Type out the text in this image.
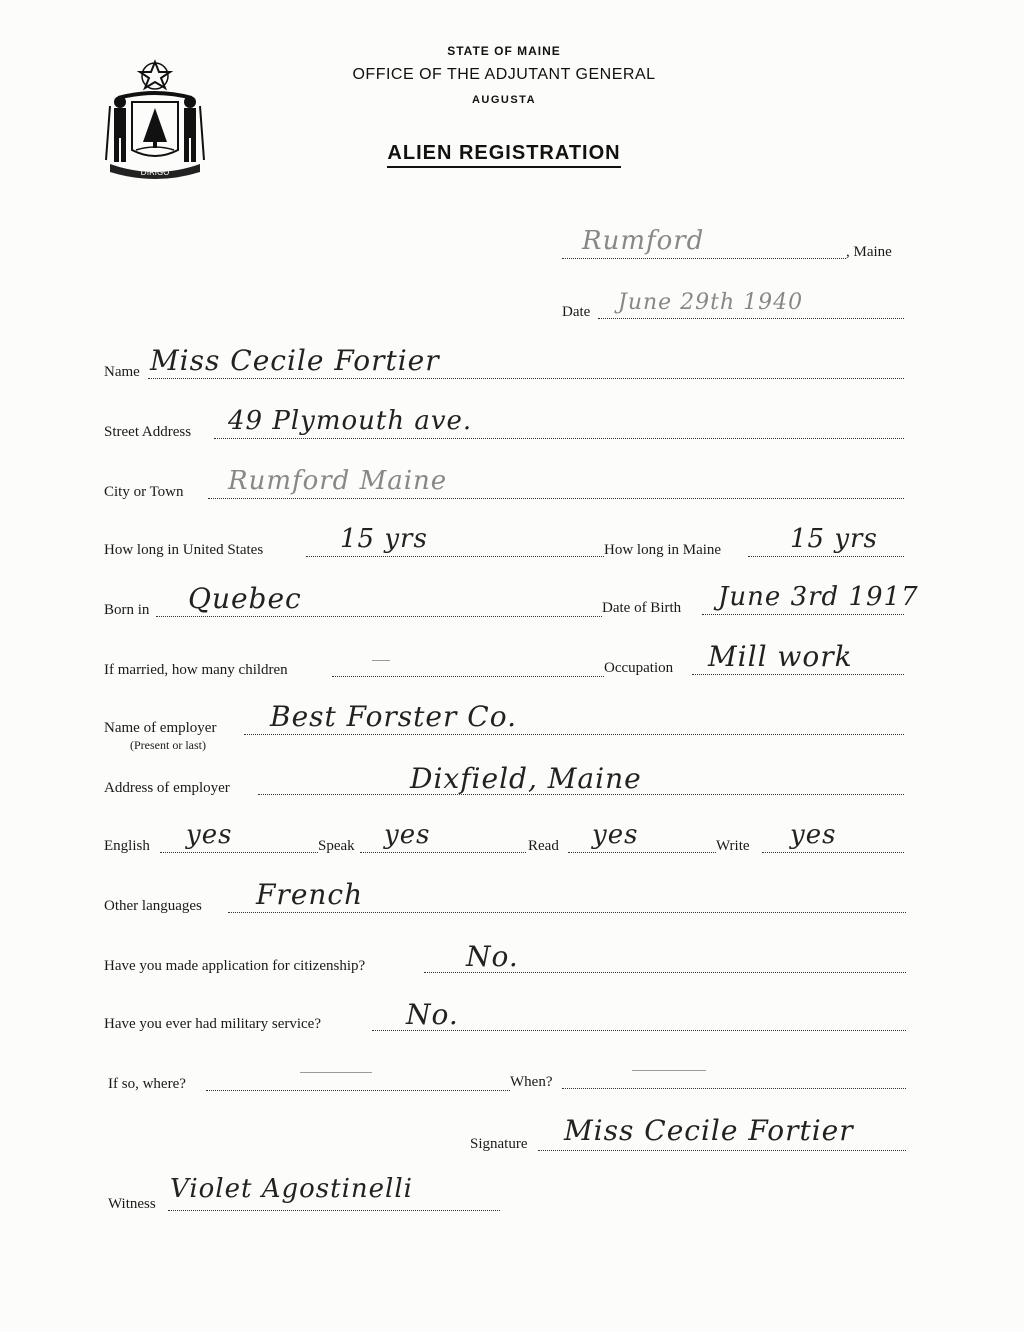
DIRIGO
STATE OF MAINE
OFFICE OF THE ADJUTANT GENERAL
AUGUSTA
ALIEN REGISTRATION
Rumford	, Maine
Date June 29th 1940
Name Miss Cecile Fortier
Street Address 49 Plymouth ave.
City or Town Rumford Maine
How long in United States	15 yrs	How long in Maine	15 yrs
Born in Quebec	Date of Birth June 3rd 1917
If married, how many children	Occupation Mill work
Name of employer
(Present or last)
Best Forster Co.
Address of employer	Dixfield, Maine
English yes	Speak yes	Read yes	Write yes
Other languages French
Have you made application for citizenship?	No.
Have you ever had military service?	No.
If so, where?	When?
Signature Miss Cecile Fortier
Witness Violet Agostinelli
